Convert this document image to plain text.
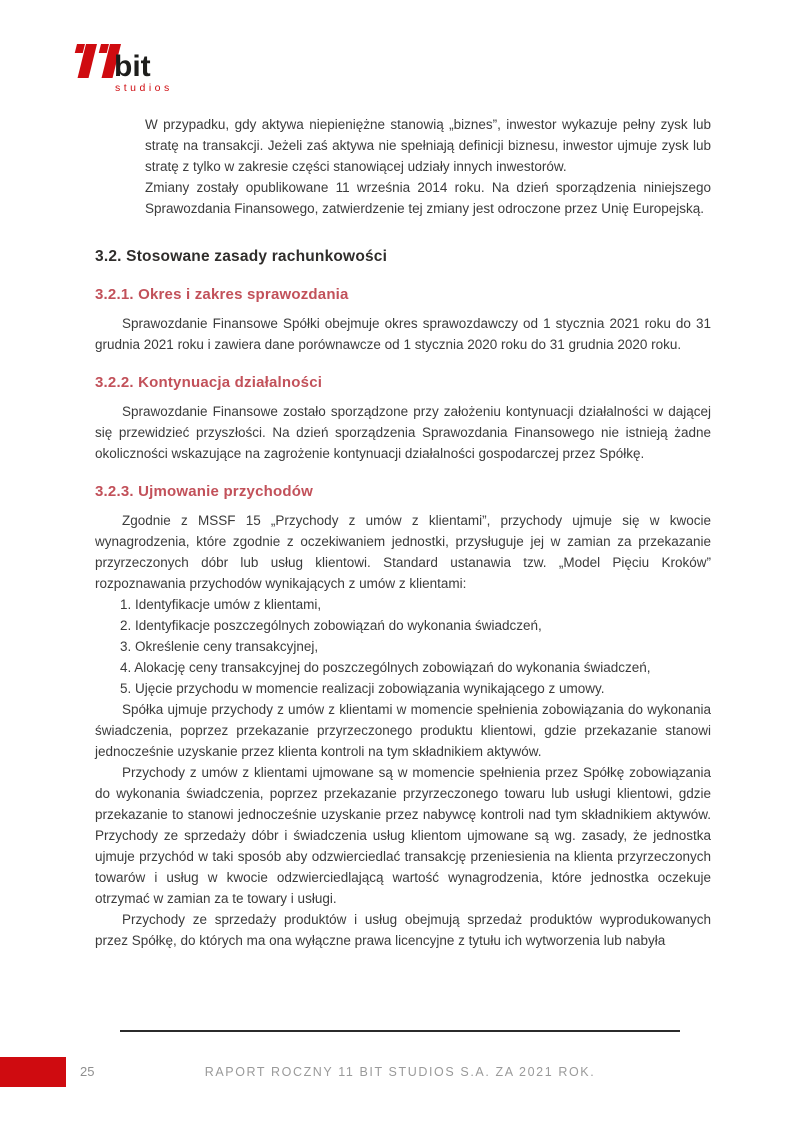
bit
studios

W przypadku, gdy aktywa niepieniężne stanowią „biznes”, inwestor wykazuje pełny zysk lub stratę na transakcji. Jeżeli zaś aktywa nie spełniają definicji biznesu, inwestor ujmuje zysk lub stratę z tylko w zakresie części stanowiącej udziały innych inwestorów.

Zmiany zostały opublikowane 11 września 2014 roku. Na dzień sporządzenia niniejszego Sprawozdania Finansowego, zatwierdzenie tej zmiany jest odroczone przez Unię Europejską.

3.2. Stosowane zasady rachunkowości
3.2.1. Okres i zakres sprawozdania

Sprawozdanie Finansowe Spółki obejmuje okres sprawozdawczy od 1 stycznia 2021 roku do 31 grudnia 2021 roku i zawiera dane porównawcze od 1 stycznia 2020 roku do 31 grudnia 2020 roku.

3.2.2. Kontynuacja działalności

Sprawozdanie Finansowe zostało sporządzone przy założeniu kontynuacji działalności w dającej się przewidzieć przyszłości. Na dzień sporządzenia Sprawozdania Finansowego nie istnieją żadne okoliczności wskazujące na zagrożenie kontynuacji działalności gospodarczej przez Spółkę.

3.2.3. Ujmowanie przychodów

Zgodnie z MSSF 15 „Przychody z umów z klientami”, przychody ujmuje się w kwocie wynagrodzenia, które zgodnie z oczekiwaniem jednostki, przysługuje jej w zamian za przekazanie przyrzeczonych dóbr lub usług klientowi. Standard ustanawia tzw. „Model Pięciu Kroków” rozpoznawania przychodów wynikających z umów z klientami:

1. Identyfikacje umów z klientami,
2. Identyfikacje poszczególnych zobowiązań do wykonania świadczeń,
3. Określenie ceny transakcyjnej,
4. Alokację ceny transakcyjnej do poszczególnych zobowiązań do wykonania świadczeń,
5. Ujęcie przychodu w momencie realizacji zobowiązania wynikającego z umowy.

Spółka ujmuje przychody z umów z klientami w momencie spełnienia zobowiązania do wykonania świadczenia, poprzez przekazanie przyrzeczonego produktu klientowi, gdzie przekazanie stanowi jednocześnie uzyskanie przez klienta kontroli na tym składnikiem aktywów.

Przychody z umów z klientami ujmowane są w momencie spełnienia przez Spółkę zobowiązania do wykonania świadczenia, poprzez przekazanie przyrzeczonego towaru lub usługi klientowi, gdzie przekazanie to stanowi jednocześnie uzyskanie przez nabywcę kontroli nad tym składnikiem aktywów. Przychody ze sprzedaży dóbr i świadczenia usług klientom ujmowane są wg. zasady, że jednostka ujmuje przychód w taki sposób aby odzwierciedlać transakcję przeniesienia na klienta przyrzeczonych towarów i usług w kwocie odzwierciedlającą wartość wynagrodzenia, które jednostka oczekuje otrzymać w zamian za te towary i usługi.

Przychody ze sprzedaży produktów i usług obejmują sprzedaż produktów wyprodukowanych przez Spółkę, do których ma ona wyłączne prawa licencyjne z tytułu ich wytworzenia lub nabyła

25	RAPORT ROCZNY 11 BIT STUDIOS S.A. ZA 2021 ROK.
